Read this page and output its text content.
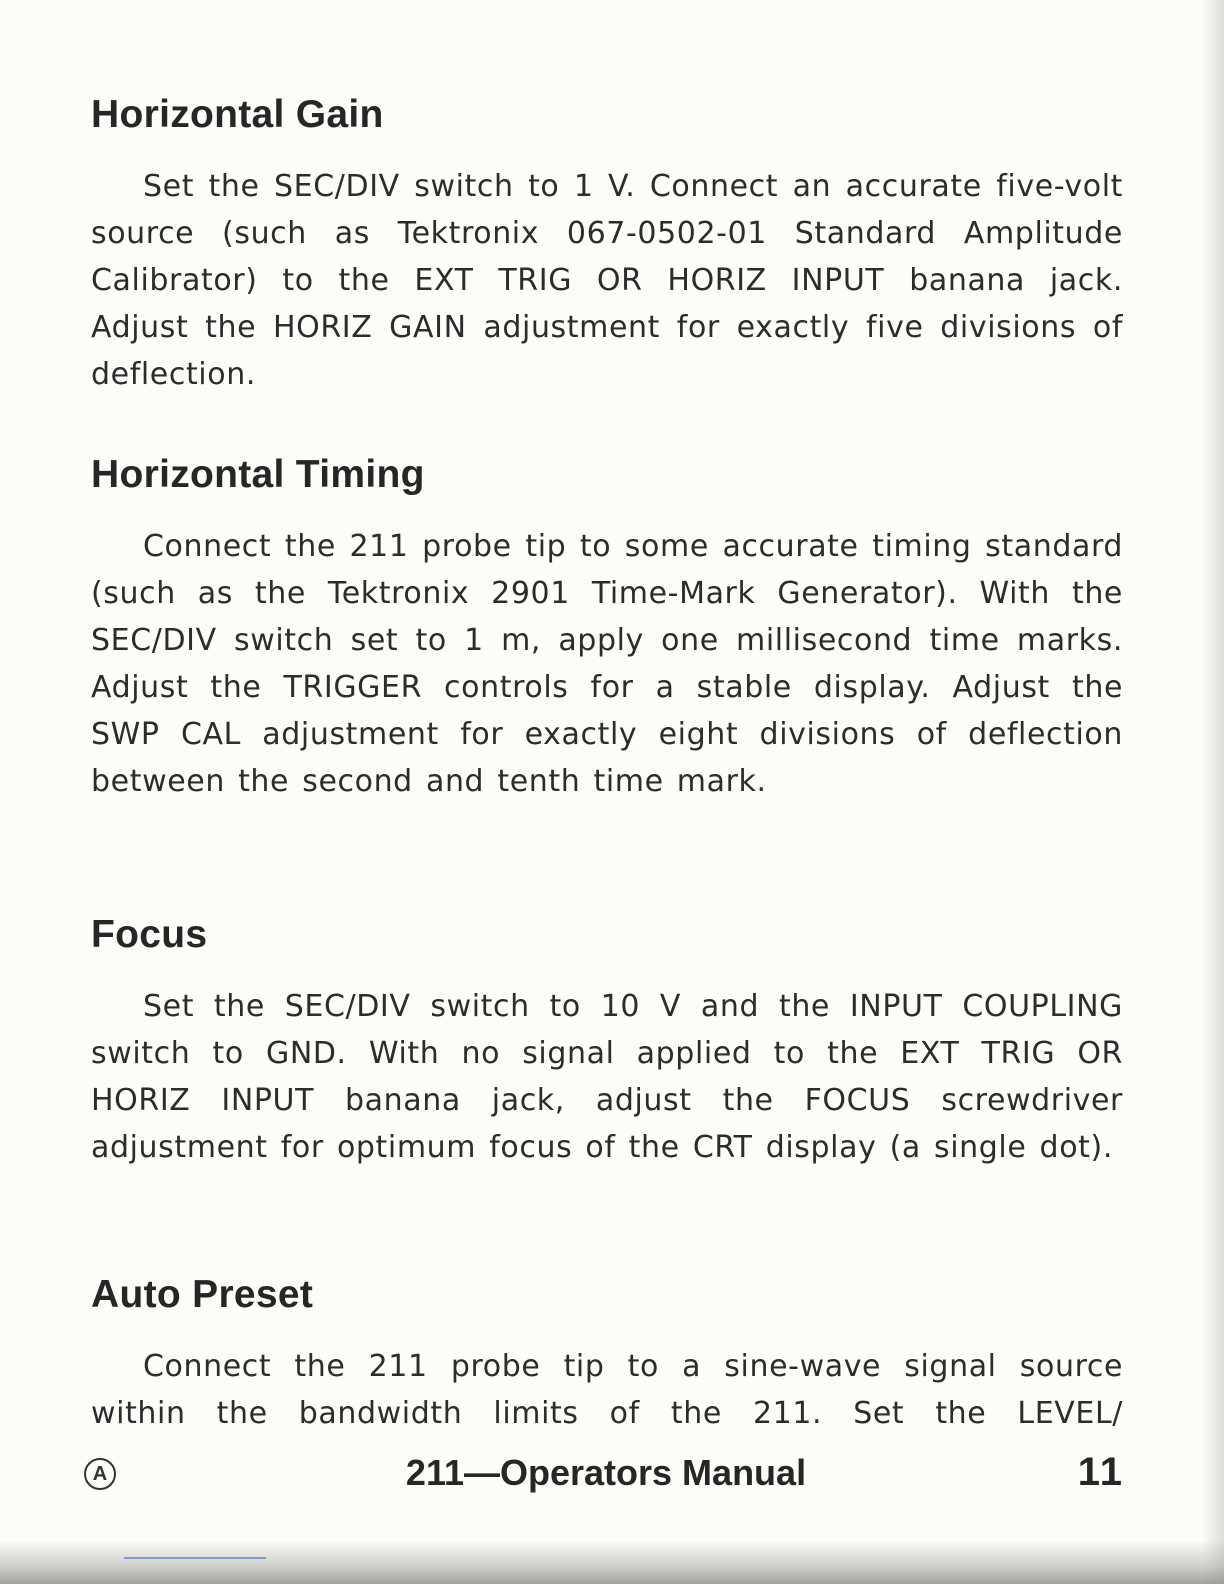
Horizontal Gain

Set the SEC/DIV switch to 1 V. Connect an accurate five-volt source (such as Tektronix 067-0502-01 Standard Amplitude Calibrator) to the EXT TRIG OR HORIZ INPUT banana jack. Adjust the HORIZ GAIN adjustment for exactly five divisions of deflection.

Horizontal Timing

Connect the 211 probe tip to some accurate timing standard (such as the Tektronix 2901 Time-Mark Generator). With the SEC/DIV switch set to 1 m, apply one millisecond time marks. Adjust the TRIGGER controls for a stable display. Adjust the SWP CAL adjustment for exactly eight divisions of deflection between the second and tenth time mark.

Focus

Set the SEC/DIV switch to 10 V and the INPUT COUPLING switch to GND. With no signal applied to the EXT TRIG OR HORIZ INPUT banana jack, adjust the FOCUS screwdriver adjustment for optimum focus of the CRT display (a single dot).

Auto Preset

Connect the 211 probe tip to a sine-wave signal source within the bandwidth limits of the 211. Set the LEVEL/

A	211—Operators Manual	11
